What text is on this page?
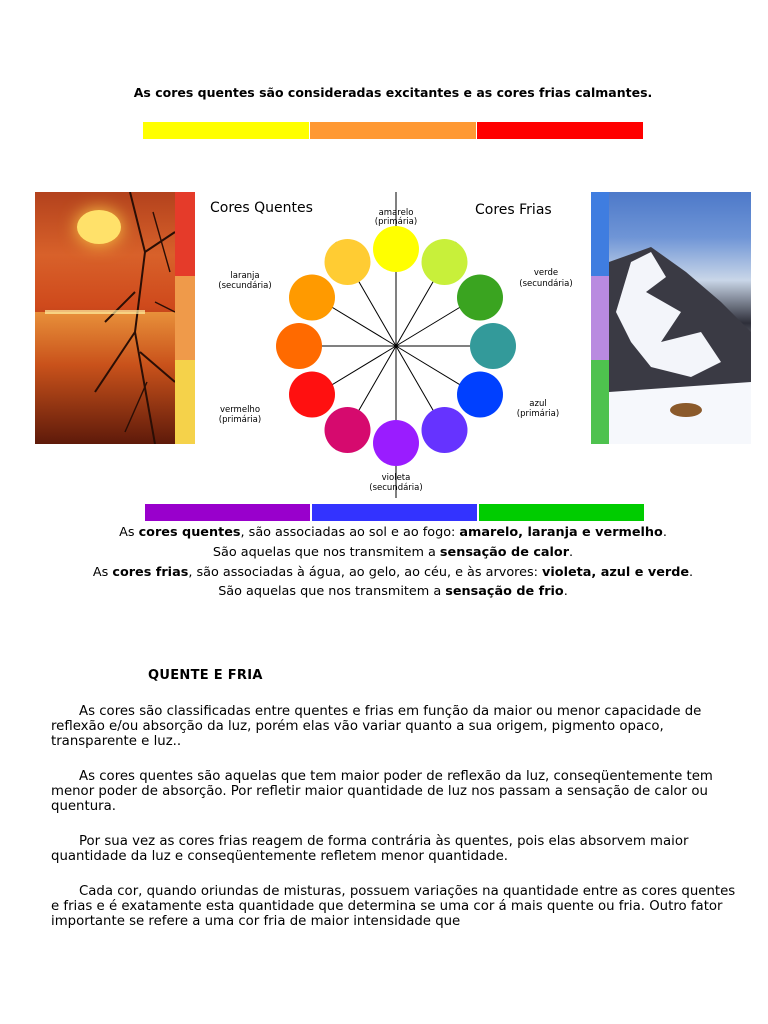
As cores quentes são consideradas excitantes e as cores frias calmantes.
Cores Quentes	Cores Frias
amarelo
(primária)
laranja
(secundária)
verde
(secundária)
azul
(primária)
vermelho
(primária)
violeta
(secundária)
As cores quentes, são associadas ao sol e ao fogo: amarelo, laranja e vermelho.
São aquelas que nos transmitem a sensação de calor.
As cores frias, são associadas à água, ao gelo, ao céu, e às arvores: violeta, azul e verde.
São aquelas que nos transmitem a sensação de frio.
QUENTE E FRIA

As cores são classificadas entre quentes e frias em função da maior ou menor capacidade de reflexão e/ou absorção da luz, porém elas vão variar quanto a sua origem, pigmento opaco, transparente e luz..

As cores quentes são aquelas que tem maior poder de reflexão da luz, conseqüentemente tem menor poder de absorção. Por refletir maior quantidade de luz nos passam a sensação de calor ou quentura.

Por sua vez as cores frias reagem de forma contrária às quentes, pois elas absorvem maior quantidade da luz e conseqüentemente refletem menor quantidade.

Cada cor, quando oriundas de misturas, possuem variações na quantidade entre as cores quentes e frias e é exatamente esta quantidade que determina se uma cor á mais quente ou fria. Outro fator importante se refere a uma cor fria de maior intensidade que
